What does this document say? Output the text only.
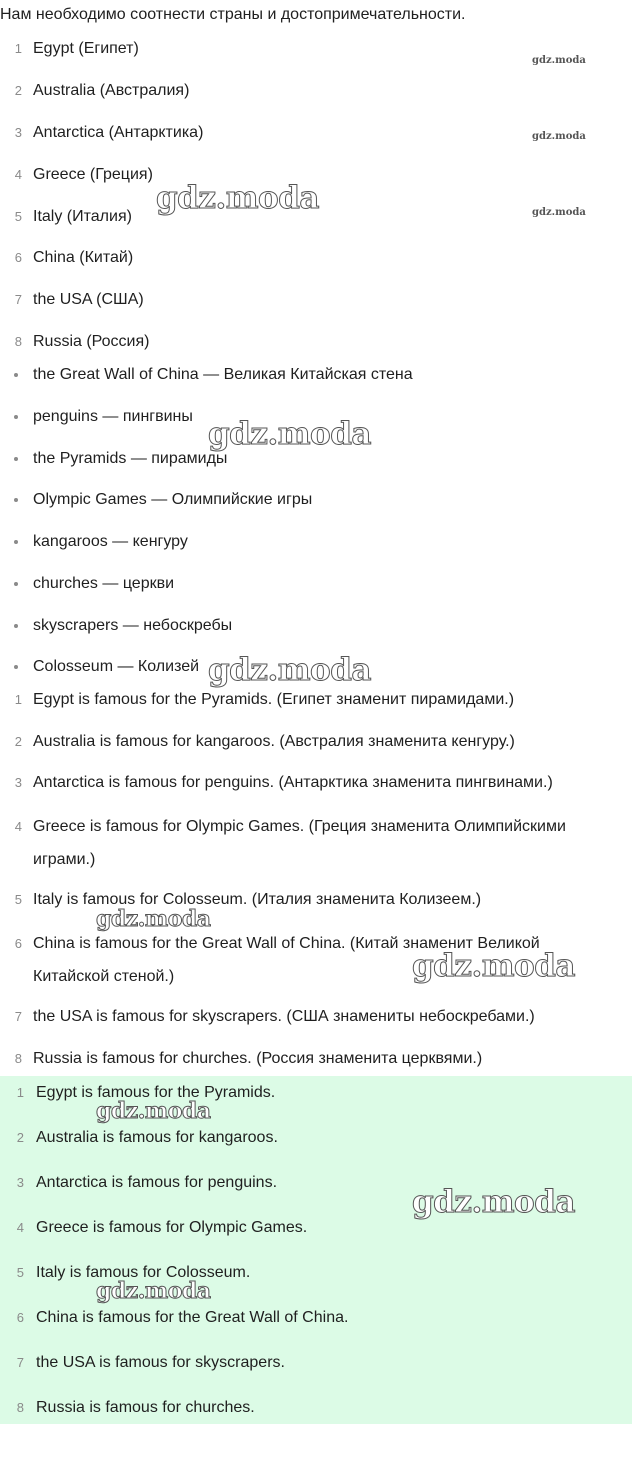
Нам необходимо соотнести страны и достопримечательности.
1 Egypt (Египет)
2 Australia (Австралия)
3 Antarctica (Антарктика)
4 Greece (Греция)
5 Italy (Италия)
6 China (Китай)
7 the USA (США)
8 Russia (Россия)
the Great Wall of China — Великая Китайская стена
penguins — пингвины
the Pyramids — пирамиды
Olympic Games — Олимпийские игры
kangaroos — кенгуру
churches — церкви
skyscrapers — небоскребы
Colosseum — Колизей
1 Egypt is famous for the Pyramids. (Египет знаменит пирамидами.)
2 Australia is famous for kangaroos. (Австралия знаменита кенгуру.)
3 Antarctica is famous for penguins. (Антарктика знаменита пингвинами.)
4 Greece is famous for Olympic Games. (Греция знаменита Олимпийскими играми.)
5 Italy is famous for Colosseum. (Италия знаменита Колизеем.)
6 China is famous for the Great Wall of China. (Китай знаменит Великой Китайской стеной.)
7 the USA is famous for skyscrapers. (США знамениты небоскребами.)
8 Russia is famous for churches. (Россия знаменита церквями.)
1 Egypt is famous for the Pyramids.
2 Australia is famous for kangaroos.
3 Antarctica is famous for penguins.
4 Greece is famous for Olympic Games.
5 Italy is famous for Colosseum.
6 China is famous for the Great Wall of China.
7 the USA is famous for skyscrapers.
8 Russia is famous for churches.
gdz.moda
gdz.moda
gdz.moda
gdz.moda
gdz.moda
gdz.moda
gdz.moda
gdz.moda
gdz.moda
gdz.moda
gdz.moda
